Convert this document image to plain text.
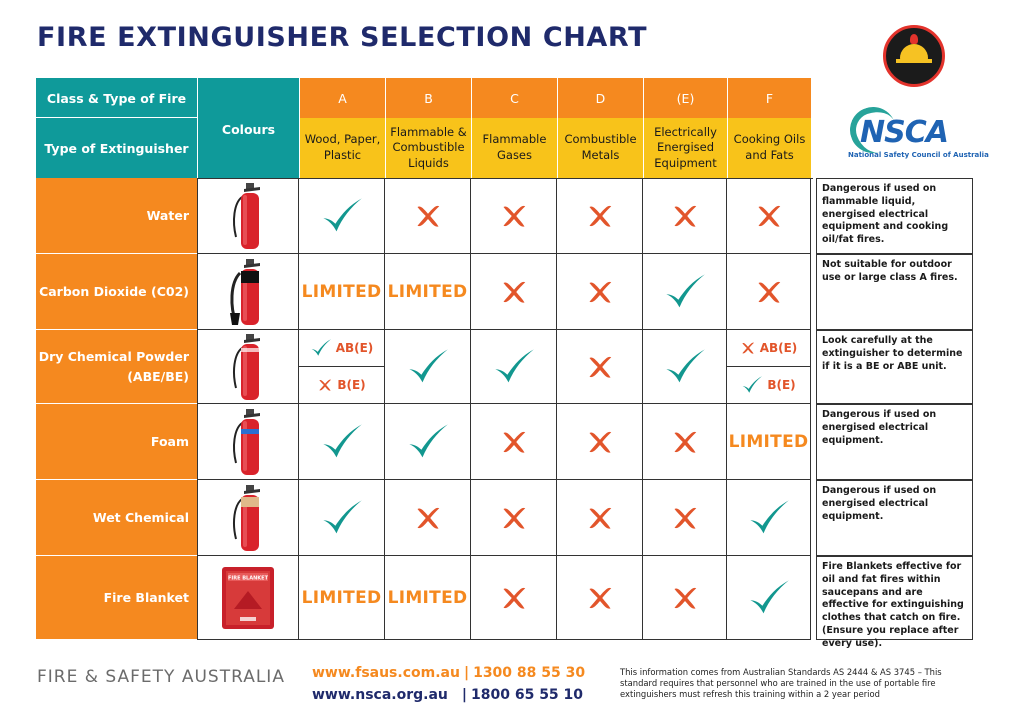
FIRE EXTINGUISHER SELECTION CHART
NSCA
National Safety Council of Australia
Class & Type of Fire
Type of Extinguisher
Colours
A
Wood, Paper, Plastic
B
Flammable & Combustible Liquids
C
Flammable Gases
D
Combustible Metals
(E)
Electrically Energised Equipment
F
Cooking Oils and Fats
Water
Dangerous if used on flammable liquid, energised electrical equipment and cooking oil/fat fires.
Carbon Dioxide (C02)	LIMITED LIMITED
Not suitable for outdoor use or large class A fires.
Dry Chemical Powder (ABE/BE)
AB(E)
B(E)
AB(E)
B(E)
Look carefully at the extinguisher to determine if it is a BE or ABE unit.
Foam	LIMITED
Dangerous if used on energised electrical equipment.
Wet Chemical
Dangerous if used on energised electrical equipment.
Fire Blanket
FIRE BLANKET
LIMITED LIMITED
Fire Blankets effective for oil and fat fires within saucepans and are effective for extinguishing clothes that catch on fire. (Ensure you replace after every use).
FIRE & SAFETY AUSTRALIA www.fsaus.com.au | 1300 88 55 30
www.nsca.org.au | 1800 65 55 10
This information comes from Australian Standards AS 2444 & AS 3745 – This standard requires that personnel who are trained in the use of portable fire extinguishers must refresh this training within a 2 year period
